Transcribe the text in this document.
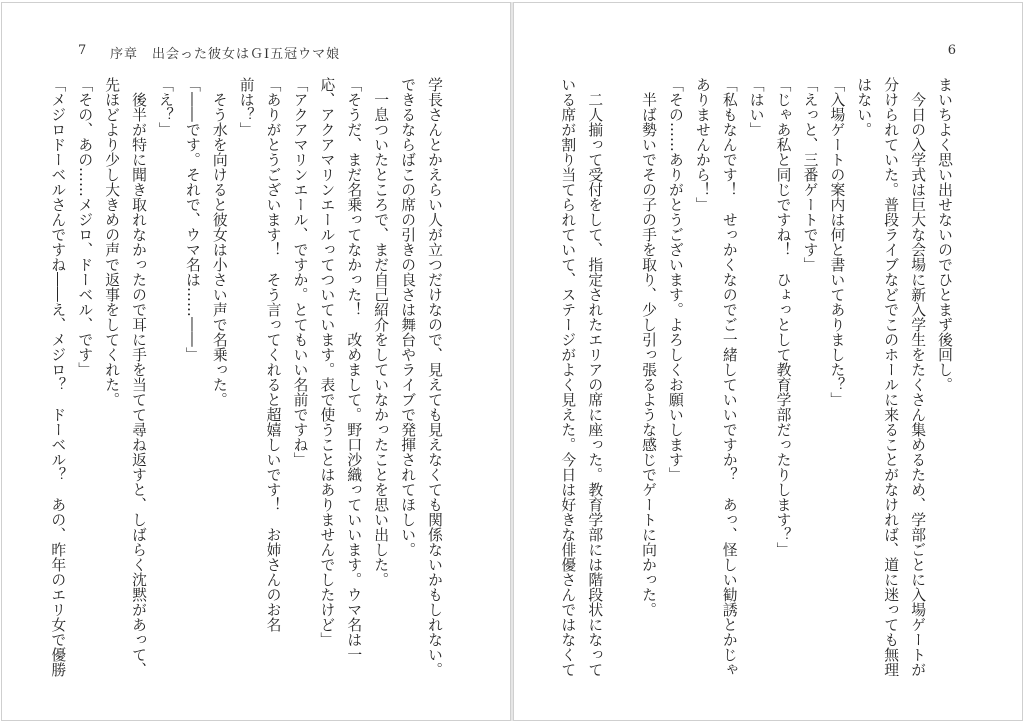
7 序章　出会った彼女はＧⅠ五冠ウマ娘
学長さんとかえらい人が立つだけなので、見えても見えなくても関係ないかもしれない。
できるならばこの席の引きの良さは舞台やライブで発揮されてほしい。
　一息ついたところで、まだ自己紹介をしていなかったことを思い出した。
「そうだ、まだ名乗ってなかった！　改めまして。野口沙織っていいます。ウマ名は一
応、アクアマリンエールってついています。表で使うことはありませんでしたけど」
「アクアマリンエール、ですか。とてもいい名前ですね」
「ありがとうございます！　そう言ってくれると超嬉しいです！　お姉さんのお名
前は？」
　そう水を向けると彼女は小さい声で名乗った。
「――です。それで、ウマ名は……――」
「え？」
　後半が特に聞き取れなかったので耳に手を当てて尋ね返すと、しばらく沈黙があって、
先ほどより少し大きめの声で返事をしてくれた。
「その、あの……メジロ、ドーベル、です」
「メジロドーベルさんですね――え、メジロ？　ドーベル？　あの、昨年のエリ女で優勝
6
まいちよく思い出せないのでひとまず後回し。
　今日の入学式は巨大な会場に新入学生をたくさん集めるため、学部ごとに入場ゲートが
分けられていた。普段ライブなどでこのホールに来ることがなければ、道に迷っても無理
はない。
「入場ゲートの案内は何と書いてありました？」
「えっと、三番ゲートです」
「じゃあ私と同じですね！　ひょっとして教育学部だったりします？」
「はい」
「私もなんです！　せっかくなのでご一緒していいですか？　あっ、怪しい勧誘とかじゃ
ありませんから！」
「その……ありがとうございます。よろしくお願いします」
　半ば勢いでその子の手を取り、少し引っ張るような感じでゲートに向かった。

　二人揃って受付をして、指定されたエリアの席に座った。教育学部には階段状になって
いる席が割り当てられていて、ステージがよく見えた。今日は好きな俳優さんではなくて
